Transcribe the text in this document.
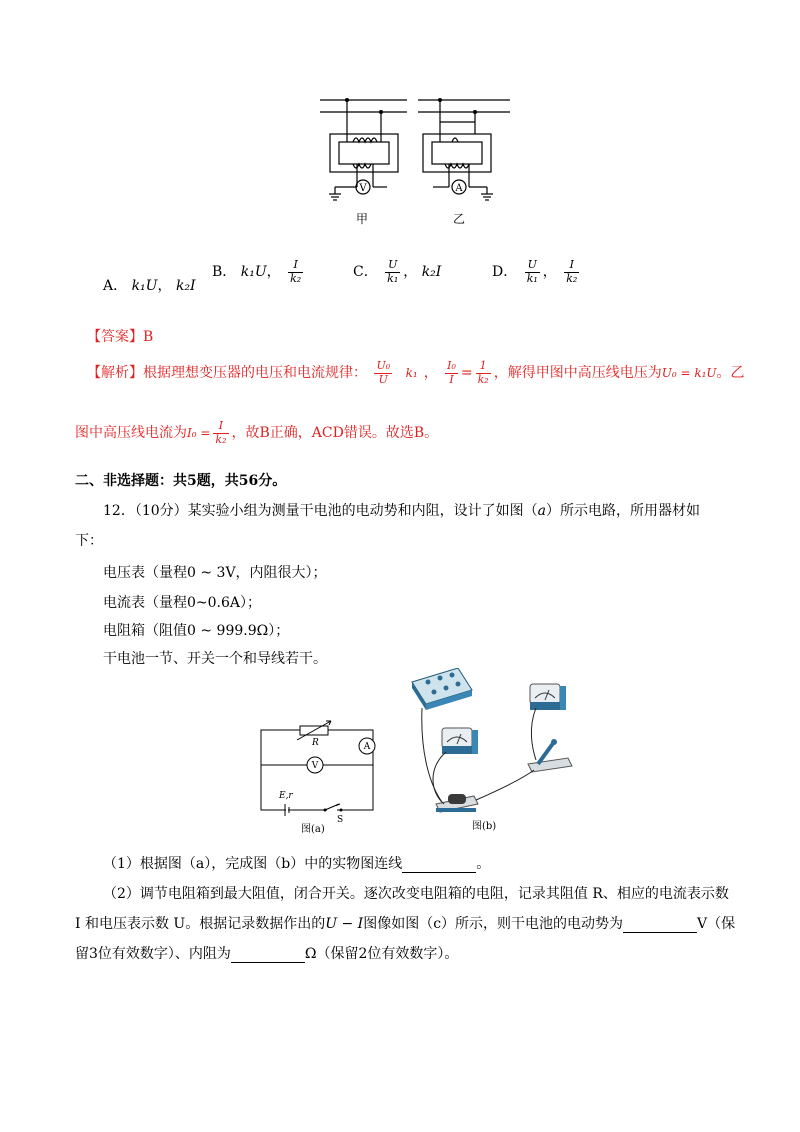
V	A
甲	乙
A． k₁U， k₂I
B． k₁U， $\frac{I}{\text{k₂}}$	C． $\frac{U}{\text{k₁}}$ ， k₂I	D． $\frac{U}{\text{k₁}}$ ， $\frac{I}{\text{k₂}}$
【答案】B
【解析】根据理想变压器的电压和电流规律： $\frac{\text{U₀}}{U} k_1$ ， $\frac{\text{I₀}}{I} = \frac{1}{\text{k₂}}$ ，解得甲图中高压线电压为U₀ = k₁U。乙
图中高压线电流为$I_0 = \frac{I}{\text{k₂}}$ ，故B正确，ACD错误。故选B。
二、非选择题：共5题，共56分。
12．（10分）某实验小组为测量干电池的电动势和内阻，设计了如图（a）所示电路，所用器材如
下：
电压表（量程0 ~ 3V，内阻很大）；
电流表（量程0~0.6A）；
电阻箱（阻值0 ~ 999.9Ω）；
干电池一节、开关一个和导线若干。
R	A
V
E,r
S
图(a)	图(b)
（1）根据图（a），完成图（b）中的实物图连线	。
（2）调节电阻箱到最大阻值，闭合开关。逐次改变电阻箱的电阻，记录其阻值 R、相应的电流表示数
I 和电压表示数 U。根据记录数据作出的U − I图像如图（c）所示，则干电池的电动势为	V（保
留3位有效数字）、内阻为	Ω（保留2位有效数字）。
